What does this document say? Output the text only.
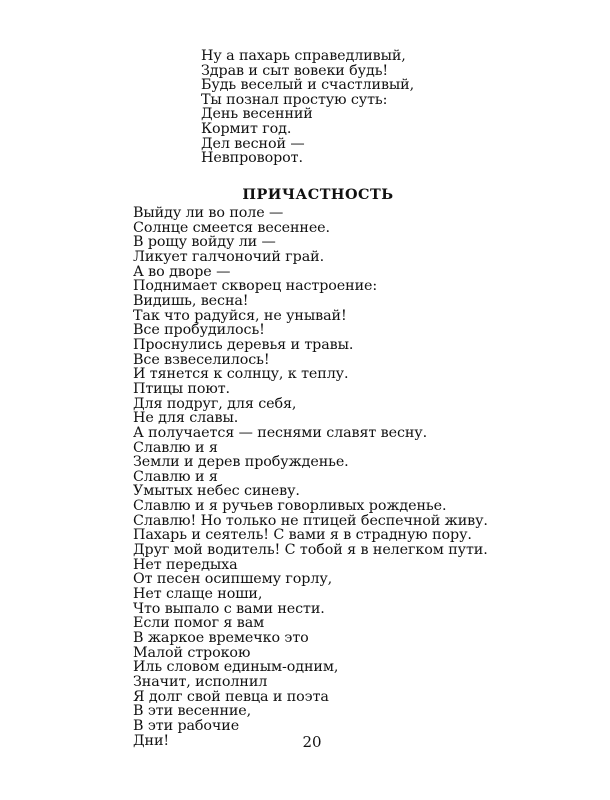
Ну а пахарь справедливый,
Здрав и сыт вовеки будь!
Будь веселый и счастливый,
Ты познал простую суть:
День весенний
Кормит год.
Дел весной —
Невпроворот.
ПРИЧАСТНОСТЬ
Выйду ли во поле —
Солнце смеется весеннее.
В рощу войду ли —
Ликует галчоночий грай.
А во дворе —
Поднимает скворец настроение:
Видишь, весна!
Так что радуйся, не унывай!
Все пробудилось!
Проснулись деревья и травы.
Все взвеселилось!
И тянется к солнцу, к теплу.
Птицы поют.
Для подруг, для себя,
Не для славы.
А получается — песнями славят весну.
Славлю и я
Земли и дерев пробужденье.
Славлю и я
Умытых небес синеву.
Славлю и я ручьев говорливых рожденье.
Славлю! Но только не птицей беспечной живу.
Пахарь и сеятель! С вами я в страдную пору.
Друг мой водитель! С тобой я в нелегком пути.
Нет передыха
От песен осипшему горлу,
Нет слаще ноши,
Что выпало с вами нести.
Если помог я вам
В жаркое времечко это
Малой строкою
Иль словом единым-одним,
Значит, исполнил
Я долг свой певца и поэта
В эти весенние,
В эти рабочие
Дни!	20
